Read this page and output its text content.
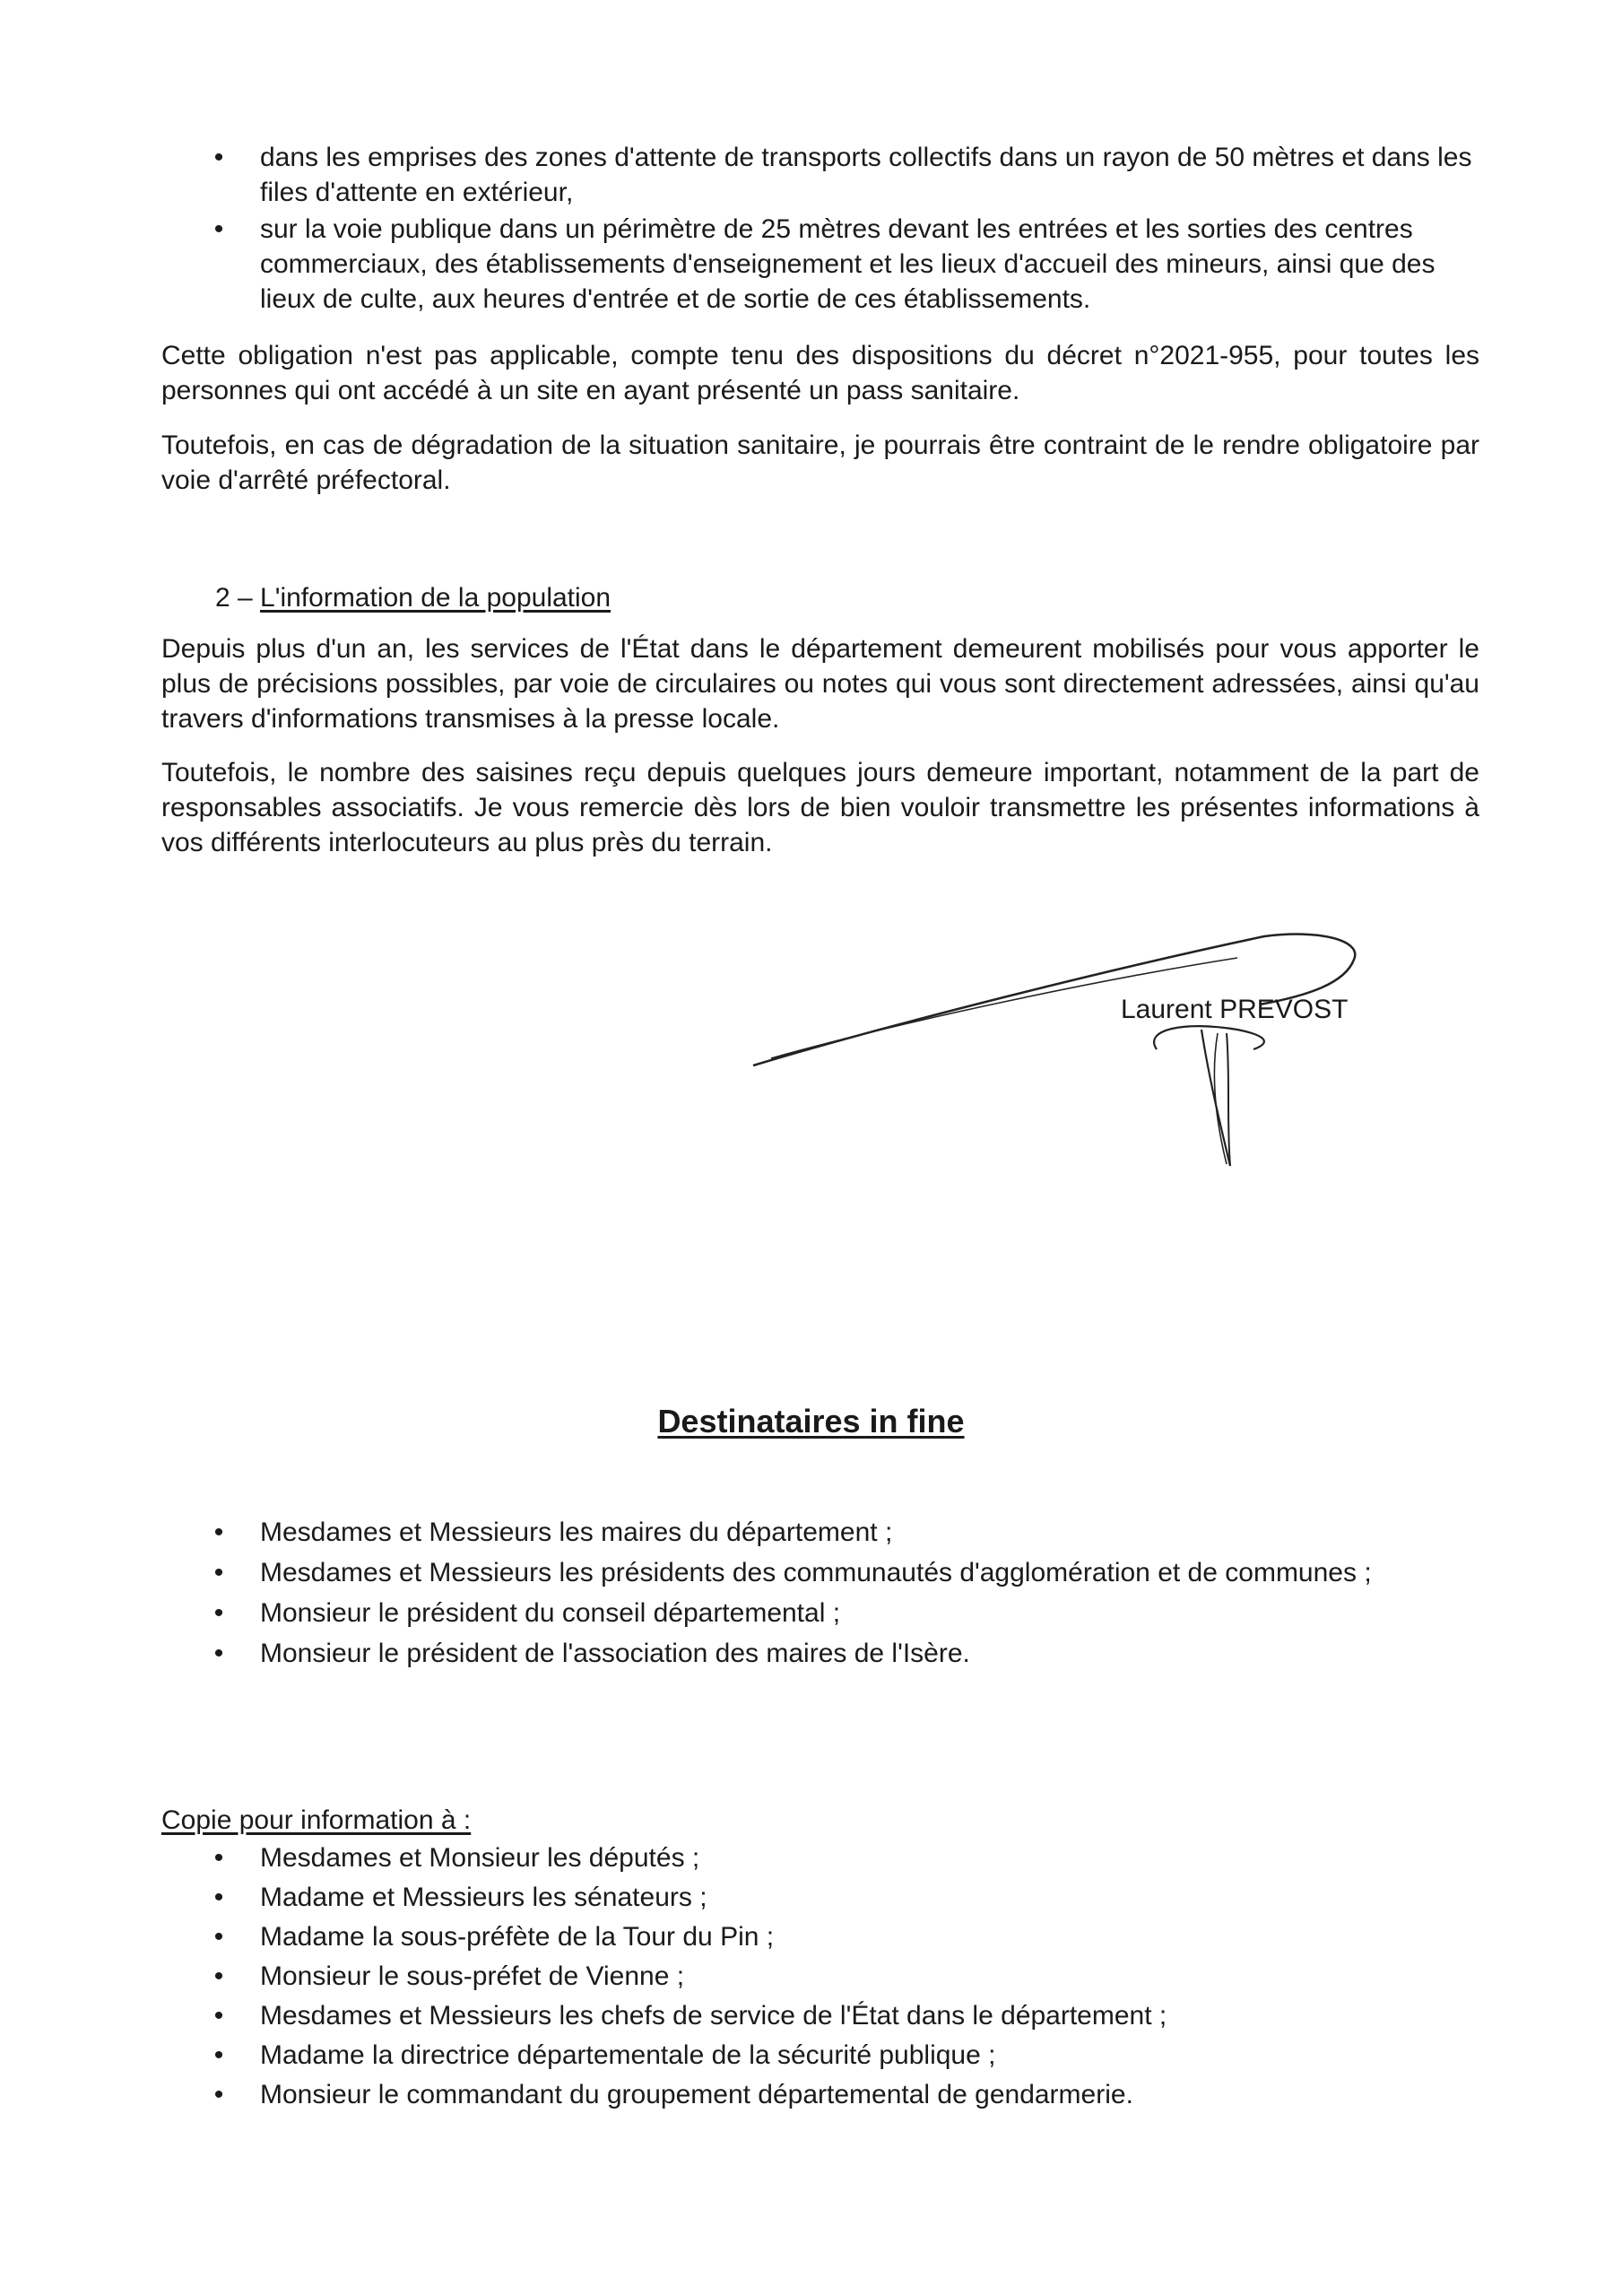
• dans les emprises des zones d'attente de transports collectifs dans un rayon de 50 mètres et dans les files d'attente en extérieur,
• sur la voie publique dans un périmètre de 25 mètres devant les entrées et les sorties des centres commerciaux, des établissements d'enseignement et les lieux d'accueil des mineurs, ainsi que des lieux de culte, aux heures d'entrée et de sortie de ces établissements.

Cette obligation n'est pas applicable, compte tenu des dispositions du décret n°2021-955, pour toutes les personnes qui ont accédé à un site en ayant présenté un pass sanitaire.

Toutefois, en cas de dégradation de la situation sanitaire, je pourrais être contraint de le rendre obligatoire par voie d'arrêté préfectoral.

2 – L'information de la population

Depuis plus d'un an, les services de l'État dans le département demeurent mobilisés pour vous apporter le plus de précisions possibles, par voie de circulaires ou notes qui vous sont directement adressées, ainsi qu'au travers d'informations transmises à la presse locale.

Toutefois, le nombre des saisines reçu depuis quelques jours demeure important, notamment de la part de responsables associatifs. Je vous remercie dès lors de bien vouloir transmettre les présentes informations à vos différents interlocuteurs au plus près du terrain.

Laurent PREVOST
Destinataires in fine
• Mesdames et Messieurs les maires du département ;
• Mesdames et Messieurs les présidents des communautés d'agglomération et de communes ;
• Monsieur le président du conseil départemental ;
• Monsieur le président de l'association des maires de l'Isère.
Copie pour information à :
• Mesdames et Monsieur les députés ;
• Madame et Messieurs les sénateurs ;
• Madame la sous-préfète de la Tour du Pin ;
• Monsieur le sous-préfet de Vienne ;
• Mesdames et Messieurs les chefs de service de l'État dans le département ;
• Madame la directrice départementale de la sécurité publique ;
• Monsieur le commandant du groupement départemental de gendarmerie.
